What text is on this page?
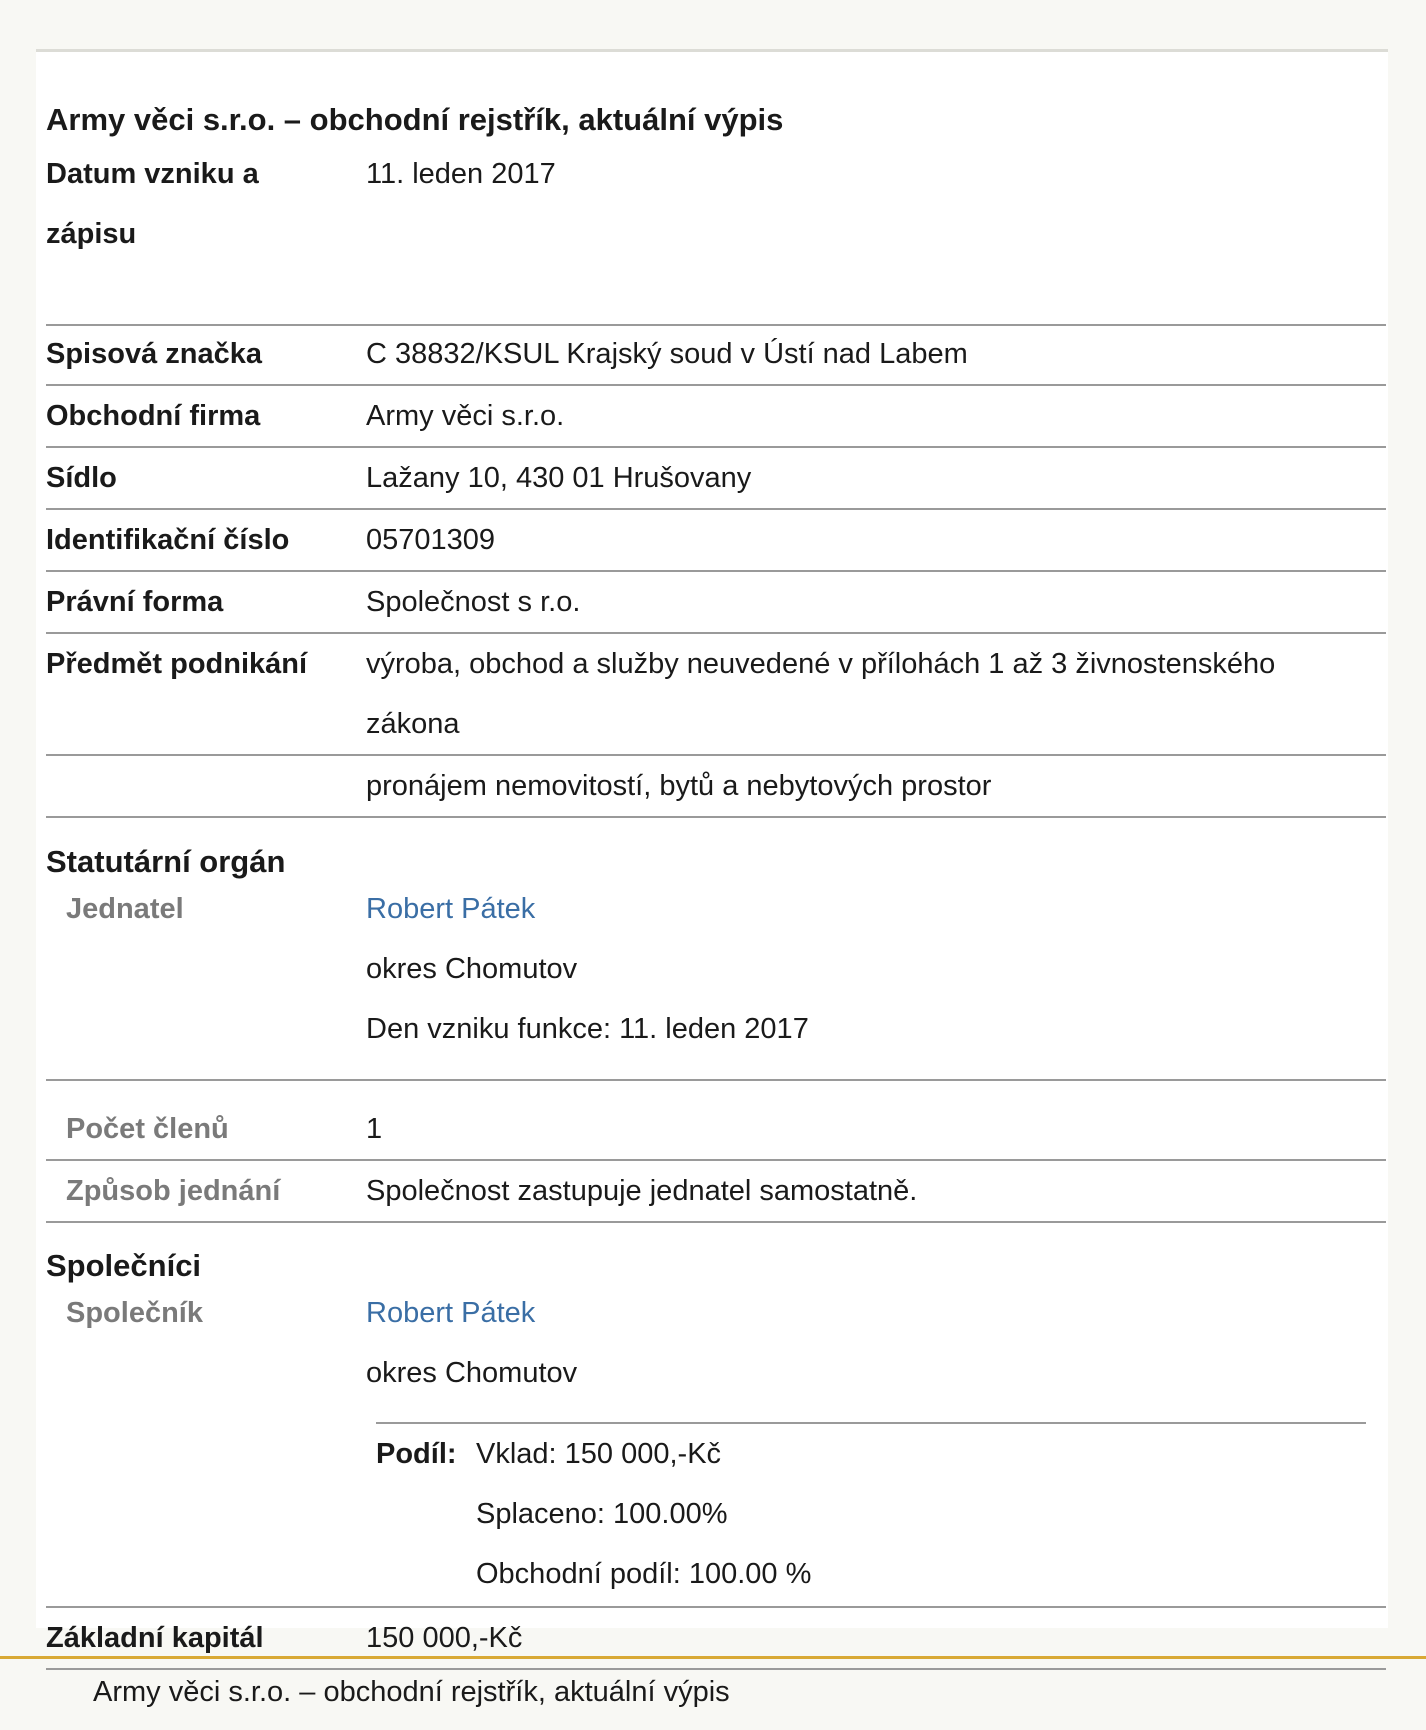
Army věci s.r.o. – obchodní rejstřík, aktuální výpis
Datum vzniku a zápisu
11. leden 2017
Spisová značka	C 38832/KSUL Krajský soud v Ústí nad Labem
Obchodní firma	Army věci s.r.o.
Sídlo	Lažany 10, 430 01 Hrušovany
Identifikační číslo	05701309
Právní forma	Společnost s r.o.
Předmět podnikání	výroba, obchod a služby neuvedené v přílohách 1 až 3 živnostenského zákona
pronájem nemovitostí, bytů a nebytových prostor
Statutární orgán
Jednatel	Robert Pátek
okres Chomutov
Den vzniku funkce: 11. leden 2017
Počet členů	1
Způsob jednání	Společnost zastupuje jednatel samostatně.
Společníci
Společník	Robert Pátek
okres Chomutov
Podíl: Vklad: 150 000,-Kč
Splaceno: 100.00%
Obchodní podíl: 100.00 %
Základní kapitál	150 000,-Kč
Army věci s.r.o. – obchodní rejstřík, aktuální výpis
